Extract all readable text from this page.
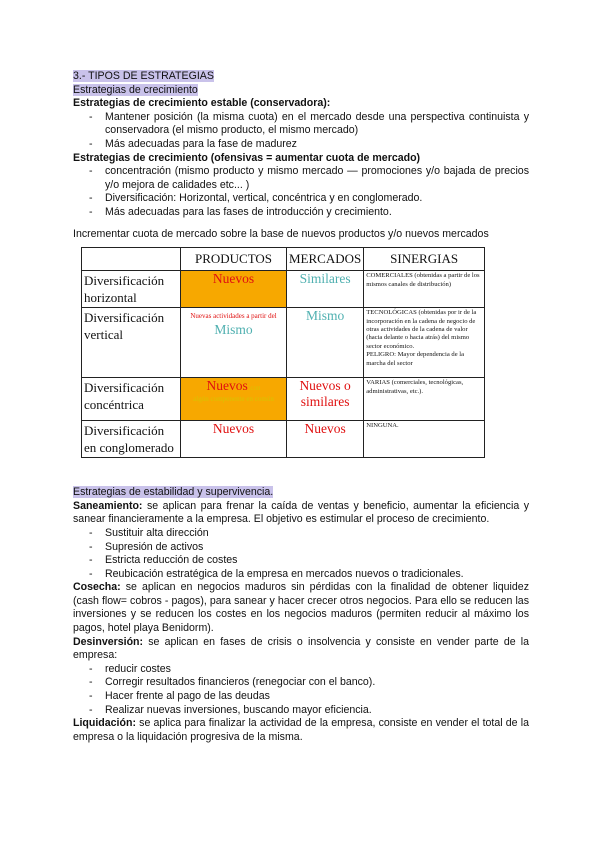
3.- TIPOS DE ESTRATEGIAS

Estrategias de crecimiento

Estrategias de crecimiento estable (conservadora):

- Mantener posición (la misma cuota) en el mercado desde una perspectiva continuista y conservadora (el mismo producto, el mismo mercado)
- Más adecuadas para la fase de madurez

Estrategias de crecimiento (ofensivas = aumentar cuota de mercado)

- concentración (mismo producto y mismo mercado — promociones y/o bajada de precios y/o mejora de calidades etc... )
- Diversificación: Horizontal, vertical, concéntrica y en conglomerado.
- Más adecuadas para las fases de introducción y crecimiento.

Incrementar cuota de mercado sobre la base de nuevos productos y/o nuevos mercados

	PRODUCTOS	MERCADOS	SINERGIAS
Diversificación horizontal	Nuevos	Similares	COMERCIALES (obtenidas a partir de los mismos canales de distribución)
Diversificación vertical	Nuevas actividades a partir del Mismo	Mismo	TECNOLÓGICAS (obtenidas por ir de la incorporación en la cadena de negocio de otras actividades de la cadena de valor (hacia delante o hacia atrás) del mismo sector económico.
PELIGRO: Mayor dependencia de la marcha del sector

Diversificación concéntrica	Nuevos con
algún componente en común	Nuevos o similares	VARIAS (comerciales, tecnológicas, administrativas, etc.).
Diversificación en conglomerado	Nuevos	Nuevos	NINGUNA.

Estrategias de estabilidad y supervivencia.

Saneamiento: se aplican para frenar la caída de ventas y beneficio, aumentar la eficiencia y sanear financieramente a la empresa. El objetivo es estimular el proceso de crecimiento.

- Sustituir alta dirección
- Supresión de activos
- Estricta reducción de costes
- Reubicación estratégica de la empresa en mercados nuevos o tradicionales.

Cosecha: se aplican en negocios maduros sin pérdidas con la finalidad de obtener liquidez (cash flow= cobros - pagos), para sanear y hacer crecer otros negocios. Para ello se reducen las inversiones y se reducen los costes en los negocios maduros (permiten reducir al máximo los pagos, hotel playa Benidorm).

Desinversión: se aplican en fases de crisis o insolvencia y consiste en vender parte de la empresa:

- reducir costes
- Corregir resultados financieros (renegociar con el banco).
- Hacer frente al pago de las deudas
- Realizar nuevas inversiones, buscando mayor eficiencia.

Liquidación: se aplica para finalizar la actividad de la empresa, consiste en vender el total de la empresa o la liquidación progresiva de la misma.
